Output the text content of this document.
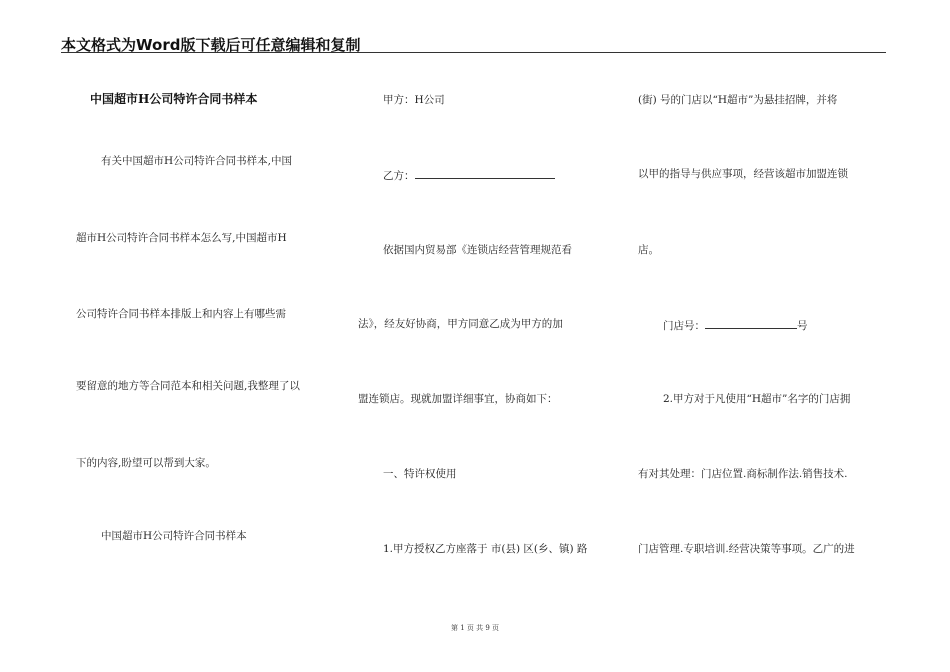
本文格式为Word版下载后可任意编辑和复制
中国超市H公司特许合同书样本
有关中国超市H公司特许合同书样本,中国
超市H公司特许合同书样本怎么写,中国超市H
公司特许合同书样本排版上和内容上有哪些需
要留意的地方等合同范本和相关问题,我整理了以
下的内容,盼望可以帮到大家。
中国超市H公司特许合同书样本
甲方：H公司
乙方：
依据国内贸易部《连锁店经营管理规范看
法》，经友好协商，甲方同意乙成为甲方的加
盟连锁店。现就加盟详细事宜，协商如下：
一、特许权使用
1.甲方授权乙方座落于 市(县) 区(乡、镇) 路
(街) 号的门店以“H超市”为悬挂招牌，并将
以甲的指导与供应事项，经营该超市加盟连锁
店。
门店号：	号
2.甲方对于凡使用“H超市”名字的门店拥
有对其处理：门店位置.商标制作法.销售技术.
门店管理.专职培训.经营决策等事项。乙广的进
第 1 页 共 9 页
